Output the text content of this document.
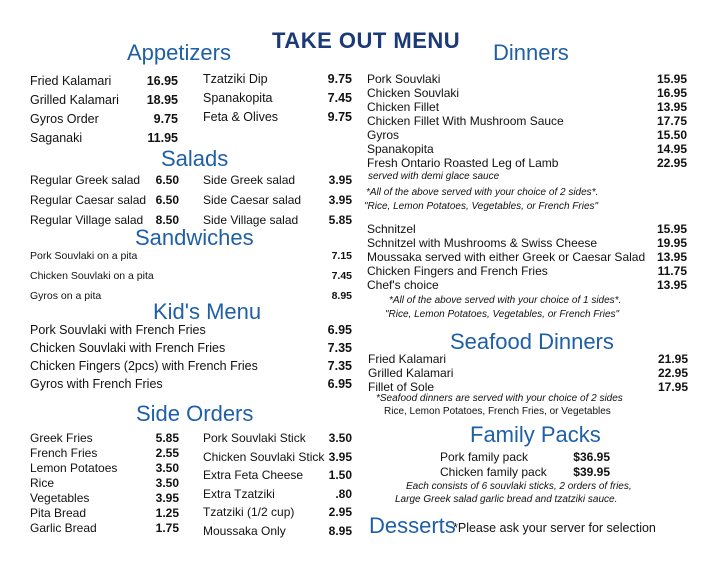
TAKE OUT MENU
Appetizers
Fried Kalamari	16.95
Grilled Kalamari 18.95
Gyros Order	9.75
Saganaki	11.95
Tzatziki Dip	9.75
Spanakopita	7.45
Feta & Olives	9.75
Salads
Regular Greek salad 6.50
Regular Caesar salad 6.50
Regular Village salad 8.50
Side Greek salad	3.95
Side Caesar salad 3.95
Side Village salad	5.85
Sandwiches
Pork Souvlaki on a pita	7.15
Chicken Souvlaki on a pita	7.45
Gyros on a pita	8.95
Kid's Menu
Pork Souvlaki with French Fries	6.95
Chicken Souvlaki with French Fries	7.35
Chicken Fingers (2pcs) with French Fries	7.35
Gyros with French Fries	6.95
Side Orders
Greek Fries	5.85
French Fries	2.55
Lemon Potatoes	3.50
Rice	3.50
Vegetables	3.95
Pita Bread	1.25
Garlic Bread	1.75
Pork Souvlaki Stick 3.50
Chicken Souvlaki Stick 3.95
Extra Feta Cheese 1.50
Extra Tzatziki	.80
Tzatziki (1/2 cup)	2.95
Moussaka Only	8.95
Dinners
Pork Souvlaki	15.95
Chicken Souvlaki	16.95
Chicken Fillet	13.95
Chicken Fillet With Mushroom Sauce	17.75
Gyros	15.50
Spanakopita	14.95
Fresh Ontario Roasted Leg of Lamb	22.95
served with demi glace sauce
*All of the above served with your choice of 2 sides*.
"Rice, Lemon Potatoes, Vegetables, or French Fries"
Schnitzel	15.95
Schnitzel with Mushrooms & Swiss Cheese	19.95
Moussaka served with either Greek or Caesar Salad 13.95
Chicken Fingers and French Fries	11.75
Chef's choice	13.95
*All of the above served with your choice of 1 sides*.
"Rice, Lemon Potatoes, Vegetables, or French Fries"
Seafood Dinners
Fried Kalamari	21.95
Grilled Kalamari	22.95
Fillet of Sole	17.95
*Seafood dinners are served with your choice of 2 sides
Rice, Lemon Potatoes, French Fries, or Vegetables
Family Packs
Pork family pack	$36.95
Chicken family pack $39.95
Each consists of 6 souvlaki sticks, 2 orders of fries,
Large Greek salad garlic bread and tzatziki sauce.
Desserts
*Please ask your server for selection
